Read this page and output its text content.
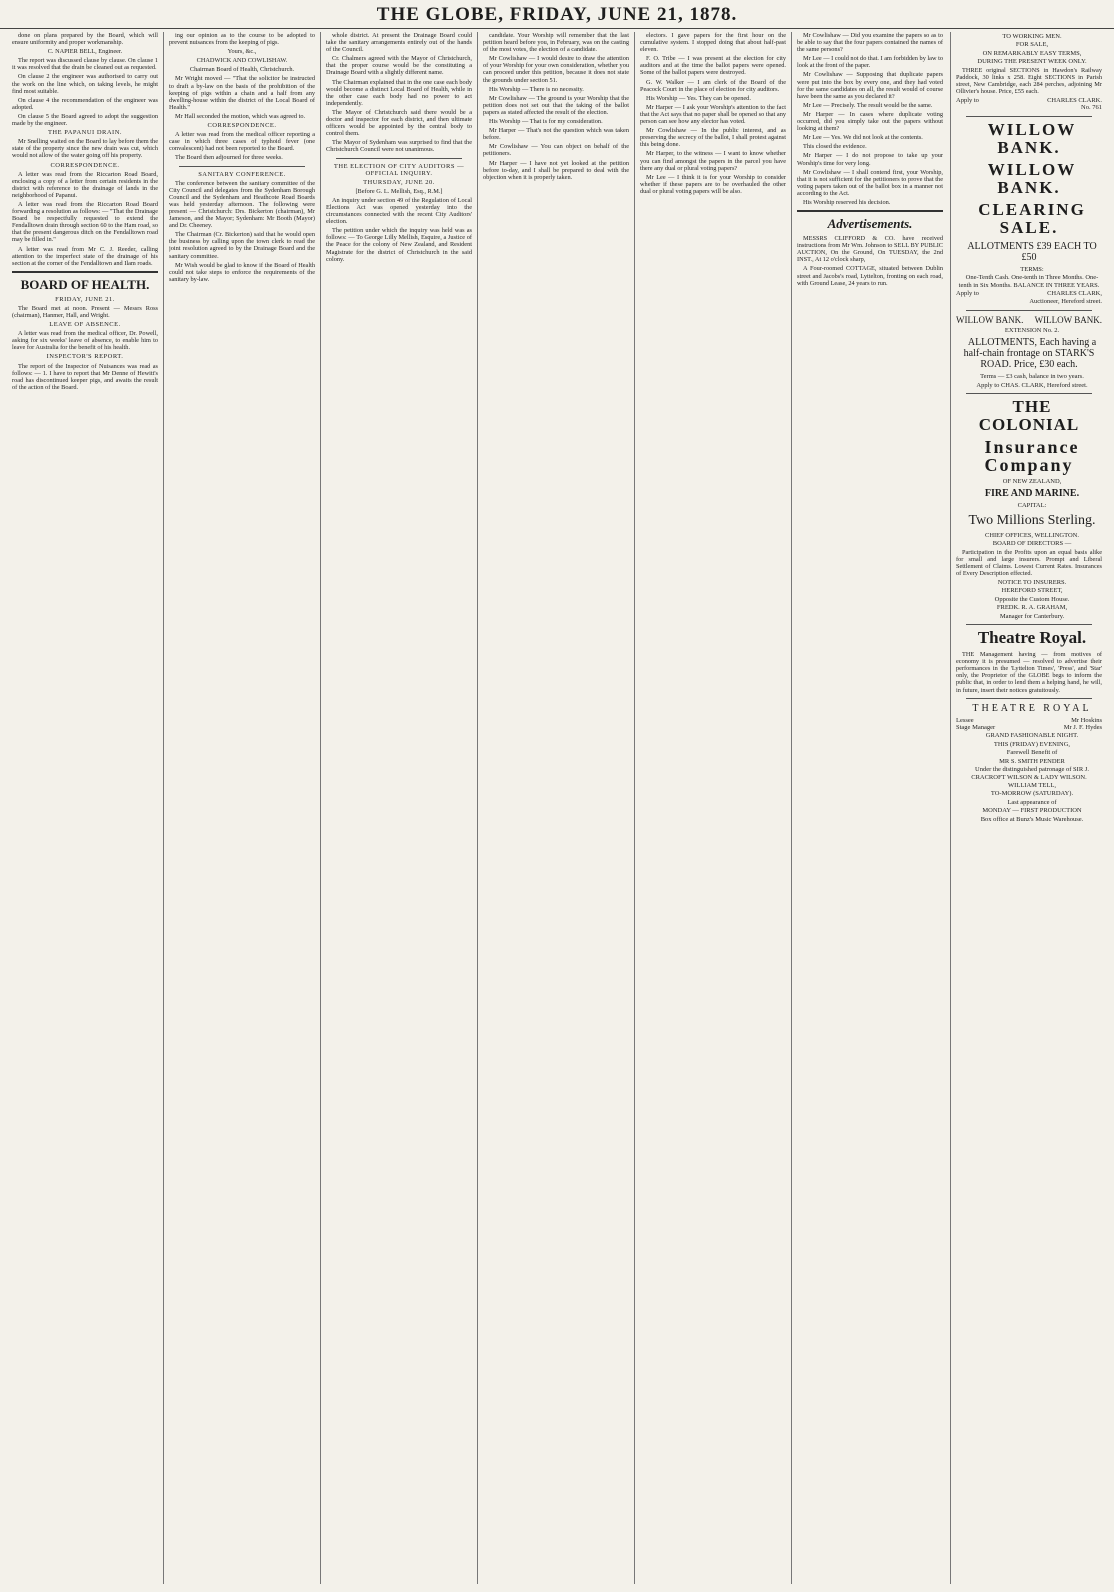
THE GLOBE, FRIDAY, JUNE 21, 1878.

done on plans prepared by the Board, which will ensure uniformity and proper workmanship.

C. NAPIER BELL, Engineer.

The report was discussed clause by clause. On clause 1 it was resolved that the drain be cleaned out as requested.

On clause 2 the engineer was authorised to carry out the work on the line which, on taking levels, he might find most suitable.

On clause 4 the recommendation of the engineer was adopted.

On clause 5 the Board agreed to adopt the suggestion made by the engineer.

THE PAPANUI DRAIN.

Mr Snelling waited on the Board to lay before them the state of the property since the new drain was cut, which would not allow of the water going off his property.

CORRESPONDENCE.

A letter was read from the Riccarton Road Board, enclosing a copy of a letter from certain residents in the district with reference to the drainage of lands in the neighborhood of Papanui.

A letter was read from the Riccarton Road Board forwarding a resolution as follows: — "That the Drainage Board be respectfully requested to extend the Fendalltown drain through section 60 to the Ham road, so that the present dangerous ditch on the Fendalltown road may be filled in."

A letter was read from Mr C. J. Reeder, calling attention to the imperfect state of the drainage of his section at the corner of the Fendalltown and Ilam roads.

BOARD OF HEALTH.

FRIDAY, JUNE 21.

The Board met at noon. Present — Messrs Ross (chairman), Hanmer, Hall, and Wright.

LEAVE OF ABSENCE.

A letter was read from the medical officer, Dr. Powell, asking for six weeks' leave of absence, to enable him to leave for Australia for the benefit of his health.

INSPECTOR'S REPORT.

The report of the Inspector of Nuisances was read as follows: — 1. I have to report that Mr Denne of Hewitt's road has discontinued keeper pigs, and awaits the result of the action of the Board.

ing our opinion as to the course to be adopted to prevent nuisances from the keeping of pigs.

Yours, &c.,

CHADWICK AND COWLISHAW.

Chairman Board of Health, Christchurch.

Mr Wright moved — "That the solicitor be instructed to draft a by-law on the basis of the prohibition of the keeping of pigs within a chain and a half from any dwelling-house within the district of the Local Board of Health."

Mr Hall seconded the motion, which was agreed to.

CORRESPONDENCE.

A letter was read from the medical officer reporting a case in which three cases of typhoid fever (one convalescent) had not been reported to the Board.

The Board then adjourned for three weeks.

SANITARY CONFERENCE.

The conference between the sanitary committee of the City Council and delegates from the Sydenham Borough Council and the Sydenham and Heathcote Road Boards was held yesterday afternoon. The following were present — Christchurch: Drs. Bickerton (chairman), Mr Jameson, and the Mayor; Sydenham: Mr Booth (Mayor) and Dr. Cheeney.

The Chairman (Cr. Bickerton) said that he would open the business by calling upon the town clerk to read the joint resolution agreed to by the Drainage Board and the sanitary committee.

Mr Wish would be glad to know if the Board of Health could not take steps to enforce the requirements of the sanitary by-law.

whole district. At present the Drainage Board could take the sanitary arrangements entirely out of the hands of the Council.

Cr. Chalmers agreed with the Mayor of Christchurch, that the proper course would be the constituting a Drainage Board with a slightly different name.

The Chairman explained that in the one case each body would become a distinct Local Board of Health, while in the other case each body had no power to act independently.

The Mayor of Christchurch said there would be a doctor and inspector for each district, and then ultimate officers would be appointed by the central body to control them.

The Mayor of Sydenham was surprised to find that the Christchurch Council were not unanimous.

THE ELECTION OF CITY AUDITORS — OFFICIAL INQUIRY.

THURSDAY, JUNE 20.

[Before G. L. Mellish, Esq., R.M.]

An inquiry under section 49 of the Regulation of Local Elections Act was opened yesterday into the circumstances connected with the recent City Auditors' election.

The petition under which the inquiry was held was as follows: — To George Lilly Mellish, Esquire, a Justice of the Peace for the colony of New Zealand, and Resident Magistrate for the district of Christchurch in the said colony.

candidate. Your Worship will remember that the last petition heard before you, in February, was on the casting of the most votes, the election of a candidate.

Mr Cowlishaw — I would desire to draw the attention of your Worship for your own consideration, whether you can proceed under this petition, because it does not state the grounds under section 51.

His Worship — There is no necessity.

Mr Cowlishaw — The ground is your Worship that the petition does not set out that the taking of the ballot papers as stated affected the result of the election.

His Worship — That is for my consideration.

Mr Harper — That's not the question which was taken before.

Mr Cowlishaw — You can object on behalf of the petitioners.

Mr Harper — I have not yet looked at the petition before to-day, and I shall be prepared to deal with the objection when it is properly taken.

electors. I gave papers for the first hour on the cumulative system. I stopped doing that about half-past eleven.

F. O. Tribe — I was present at the election for city auditors and at the time the ballot papers were opened. Some of the ballot papers were destroyed.

G. W. Walker — I am clerk of the Board of the Peacock Court in the place of election for city auditors.

His Worship — Yes. They can be opened.

Mr Harper — I ask your Worship's attention to the fact that the Act says that no paper shall be opened so that any person can see how any elector has voted.

Mr Cowlishaw — In the public interest, and as preserving the secrecy of the ballot, I shall protest against this being done.

Mr Harper, to the witness — I want to know whether you can find amongst the papers in the parcel you have there any dual or plural voting papers?

Mr Lee — I think it is for your Worship to consider whether if these papers are to be overhauled the other dual or plural voting papers will be also.

Mr Cowlishaw — Did you examine the papers so as to be able to say that the four papers contained the names of the same persons?

Mr Lee — I could not do that. I am forbidden by law to look at the front of the paper.

Mr Cowlishaw — Supposing that duplicate papers were put into the box by every one, and they had voted for the same candidates on all, the result would of course have been the same as you declared it?

Mr Lee — Precisely. The result would be the same.

Mr Harper — In cases where duplicate voting occurred, did you simply take out the papers without looking at them?

Mr Lee — Yes. We did not look at the contents.

This closed the evidence.

Mr Harper — I do not propose to take up your Worship's time for very long.

Mr Cowlishaw — I shall contend first, your Worship, that it is not sufficient for the petitioners to prove that the voting papers taken out of the ballot box in a manner not according to the Act.

His Worship reserved his decision.

Advertisements.

MESSRS CLIFFORD & CO. have received instructions from Mr Wm. Johnson to SELL BY PUBLIC AUCTION, On the Ground, On TUESDAY, the 2nd INST., At 12 o'clock sharp,

A Four-roomed COTTAGE, situated between Dublin street and Jacobs's road, Lyttelton, fronting on each road, with Ground Lease, 24 years to run.

TO WORKING MEN.

FOR SALE,

ON REMARKABLY EASY TERMS,

DURING THE PRESENT WEEK ONLY.

THREE original SECTIONS in Hawdon's Railway Paddock, 30 links x 258. Eight SECTIONS in Parish street, New Cambridge, each 284 perches, adjoining Mr Ollivier's house. Price, £55 each.

Apply to	CHARLES CLARK.
No. 761

WILLOW BANK.

WILLOW BANK.

CLEARING SALE.

ALLOTMENTS £39 EACH TO £50

TERMS:

One-Tenth Cash. One-tenth in Three Months. One-tenth in Six Months. BALANCE IN THREE YEARS.

Apply to	CHARLES CLARK,

Auctioneer, Hereford street.

WILLOW BANK. WILLOW BANK.

EXTENSION No. 2.

ALLOTMENTS, Each having a half-chain frontage on STARK'S ROAD. Price, £30 each.

Terms — £3 cash, balance in two years.

Apply to CHAS. CLARK, Hereford street.

THE COLONIAL

Insurance Company

OF NEW ZEALAND,

FIRE AND MARINE.

CAPITAL:

Two Millions Sterling.

CHIEF OFFICES, WELLINGTON.

BOARD OF DIRECTORS —

Participation in the Profits upon an equal basis alike for small and large insurers. Prompt and Liberal Settlement of Claims. Lowest Current Rates. Insurances of Every Description effected.

NOTICE TO INSURERS.

HEREFORD STREET,

Opposite the Custom House.

FREDK. R. A. GRAHAM,

Manager for Canterbury.

Theatre Royal.

THE Management having — from motives of economy it is presumed — resolved to advertise their performances in the 'Lyttelton Times', 'Press', and 'Star' only, the Proprietor of the GLOBE begs to inform the public that, in order to lend them a helping hand, he will, in future, insert their notices gratuitously.

THEATRE ROYAL

Lessee	Mr Hoskins
Stage Manager	Mr J. F. Hydes

GRAND FASHIONABLE NIGHT.

THIS (FRIDAY) EVENING,

Farewell Benefit of

MR S. SMITH PENDER

Under the distinguished patronage of SIR J. CRACROFT WILSON & LADY WILSON.

WILLIAM TELL,

TO-MORROW (SATURDAY).

Last appearance of

MONDAY — FIRST PRODUCTION

Box office at Bunz's Music Warehouse.
